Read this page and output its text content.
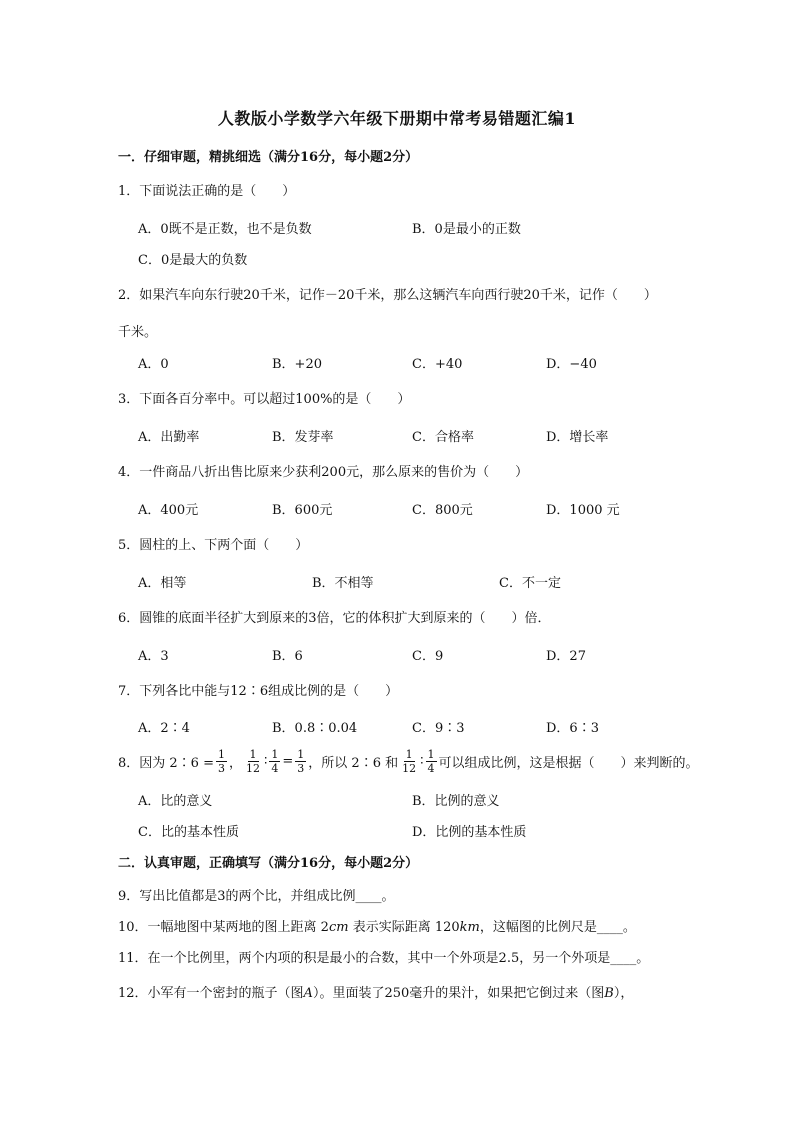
人教版小学数学六年级下册期中常考易错题汇编1
一．仔细审题，精挑细选（满分16分，每小题2分）
1．下面说法正确的是（　　）
A．0既不是正数，也不是负数	B．0是最小的正数
C．0是最大的负数
2．如果汽车向东行驶20千米，记作－20千米，那么这辆汽车向西行驶20千米，记作（　　）
千米。
A．0	B．+20	C．+40	D．−40
3．下面各百分率中。可以超过100%的是（　　）
A．出勤率	B．发芽率	C．合格率	D．增长率
4．一件商品八折出售比原来少获利200元，那么原来的售价为（　　）
A．400元	B．600元	C．800元	D．1000 元
5．圆柱的上、下两个面（　　）
A．相等	B．不相等	C．不一定
6．圆锥的底面半径扩大到原来的3倍，它的体积扩大到原来的（　　）倍．
A．3	B．6	C．9	D．27
7．下列各比中能与12∶6组成比例的是（　　）
A．2∶4	B．0.8∶0.04	C．9∶3	D．6∶3
8．因为 2∶6 = $\frac{1}{3}$ ， $\frac{1}{12}$ ∶ $\frac{1}{4} = \frac{1}{3}$ ，所以 2∶6 和 $\frac{1}{12}$ ∶ $\frac{1}{4}$ 可以组成比例，这是根据（　　）来判断的。
A．比的意义	B．比例的意义
C．比的基本性质	D．比例的基本性质
二．认真审题，正确填写（满分16分，每小题2分）
9．写出比值都是3的两个比，并组成比例____。
10．一幅地图中某两地的图上距离 2cm 表示实际距离 120km，这幅图的比例尺是____。
11．在一个比例里，两个内项的积是最小的合数，其中一个外项是2.5，另一个外项是____。
12．小军有一个密封的瓶子（图A）。里面装了250毫升的果汁，如果把它倒过来（图B），
